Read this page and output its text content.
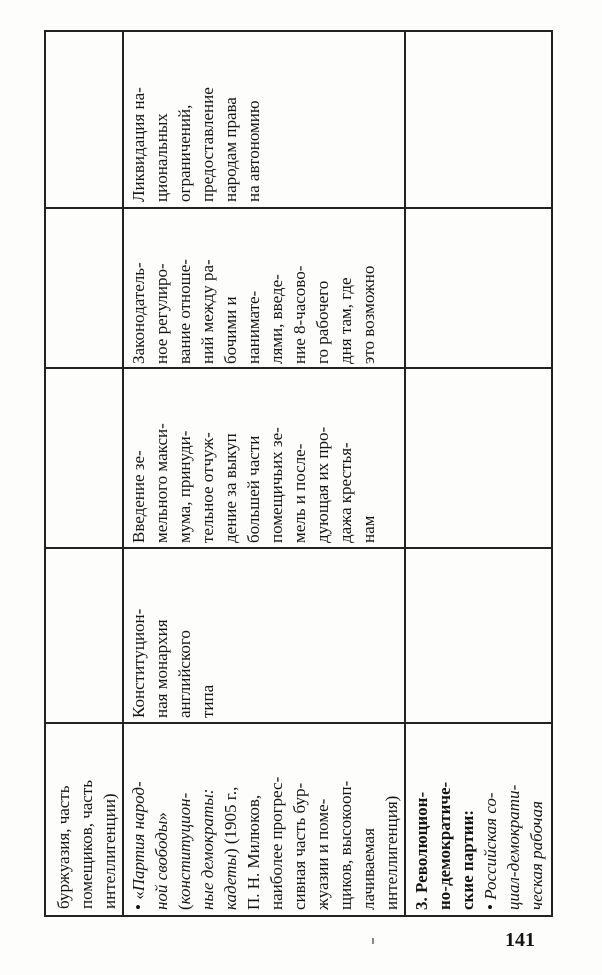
буржуазия, часть помещиков, часть интеллигенции)
Ликвидация на- циональных ограничений, предоставление народам права на автономию
• «Партия народ- ной свободы»
(конституцион- ные демократы: кадеты) (1905 г., П. Н. Милюков, наиболее прогрес- сивная часть бур- жуазии и поме- щиков, высокооп- лачиваемая интеллигенция)
Конституцион- ная монархия английского типа
Введение зе- мельного макси- мума, принуди- тельное отчуж- дение за выкуп большей части помещичьих зе- мель и после- дующая их про- дажа крестья- нам
Законодатель- ное регулиро- вание отноше- ний между ра- бочими и нанимате- лями, введе- ние 8-часово- го рабочего дня там, где это возможно
3. Революцион- но-демократиче- ские партии: • Российская со- циал-демократи- ческая рабочая
141
